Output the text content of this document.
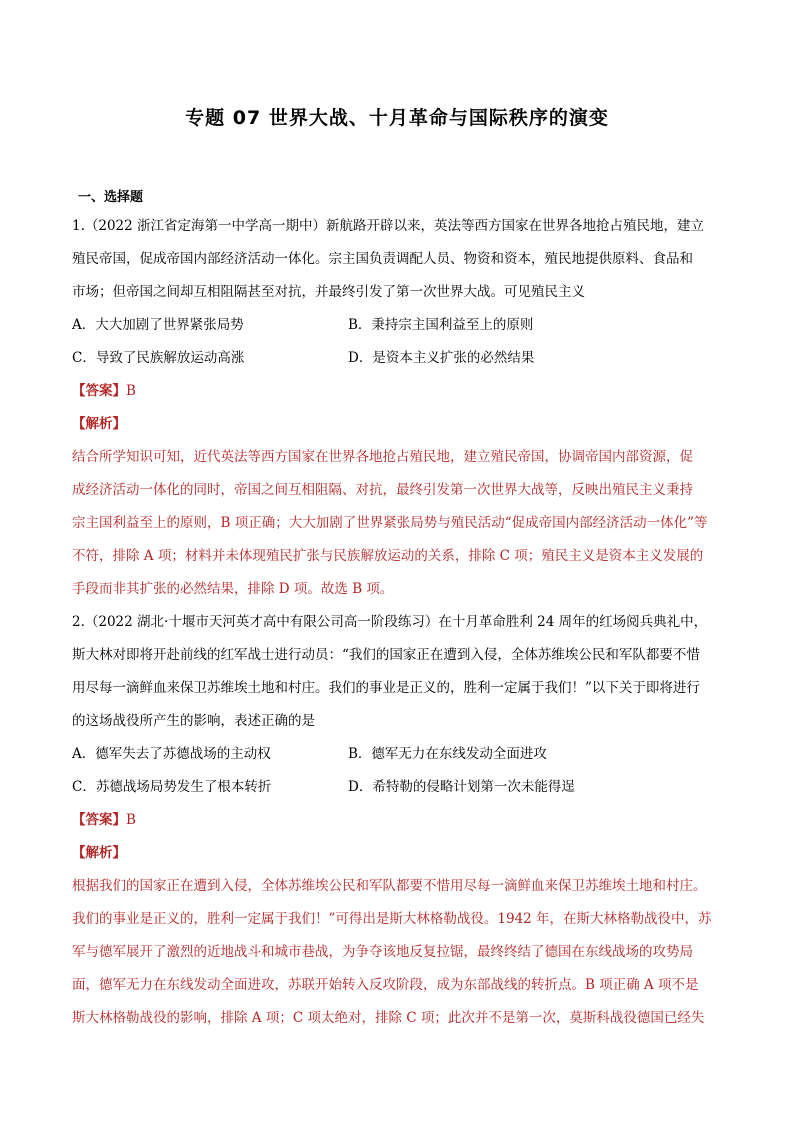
专题 07 世界大战、十月革命与国际秩序的演变
一、选择题
1.（2022 浙江省定海第一中学高一期中）新航路开辟以来，英法等西方国家在世界各地抢占殖民地，建立
殖民帝国，促成帝国内部经济活动一体化。宗主国负责调配人员、物资和资本，殖民地提供原料、食品和
市场；但帝国之间却互相阻隔甚至对抗，并最终引发了第一次世界大战。可见殖民主义
A．大大加剧了世界紧张局势	B．秉持宗主国利益至上的原则
C．导致了民族解放运动高涨	D．是资本主义扩张的必然结果
【答案】B
【解析】
结合所学知识可知，近代英法等西方国家在世界各地抢占殖民地，建立殖民帝国，协调帝国内部资源，促
成经济活动一体化的同时，帝国之间互相阻隔、对抗，最终引发第一次世界大战等，反映出殖民主义秉持
宗主国利益至上的原则，B 项正确；大大加剧了世界紧张局势与殖民活动“促成帝国内部经济活动一体化”等
不符，排除 A 项；材料并未体现殖民扩张与民族解放运动的关系，排除 C 项；殖民主义是资本主义发展的
手段而非其扩张的必然结果，排除 D 项。故选 B 项。
2.（2022 湖北·十堰市天河英才高中有限公司高一阶段练习）在十月革命胜利 24 周年的红场阅兵典礼中，
斯大林对即将开赴前线的红军战士进行动员：“我们的国家正在遭到入侵，全体苏维埃公民和军队都要不惜
用尽每一滴鲜血来保卫苏维埃土地和村庄。我们的事业是正义的，胜利一定属于我们！”以下关于即将进行
的这场战役所产生的影响，表述正确的是
A．德军失去了苏德战场的主动权	B．德军无力在东线发动全面进攻
C．苏德战场局势发生了根本转折	D．希特勒的侵略计划第一次未能得逞
【答案】B
【解析】
根据我们的国家正在遭到入侵，全体苏维埃公民和军队都要不惜用尽每一滴鲜血来保卫苏维埃土地和村庄。
我们的事业是正义的，胜利一定属于我们！”可得出是斯大林格勒战役。1942 年，在斯大林格勒战役中，苏
军与德军展开了激烈的近地战斗和城市巷战，为争夺该地反复拉锯，最终终结了德国在东线战场的攻势局
面，德军无力在东线发动全面进攻，苏联开始转入反攻阶段，成为东部战线的转折点。B 项正确 A 项不是
斯大林格勒战役的影响，排除 A 项；C 项太绝对，排除 C 项；此次并不是第一次，莫斯科战役德国已经失
